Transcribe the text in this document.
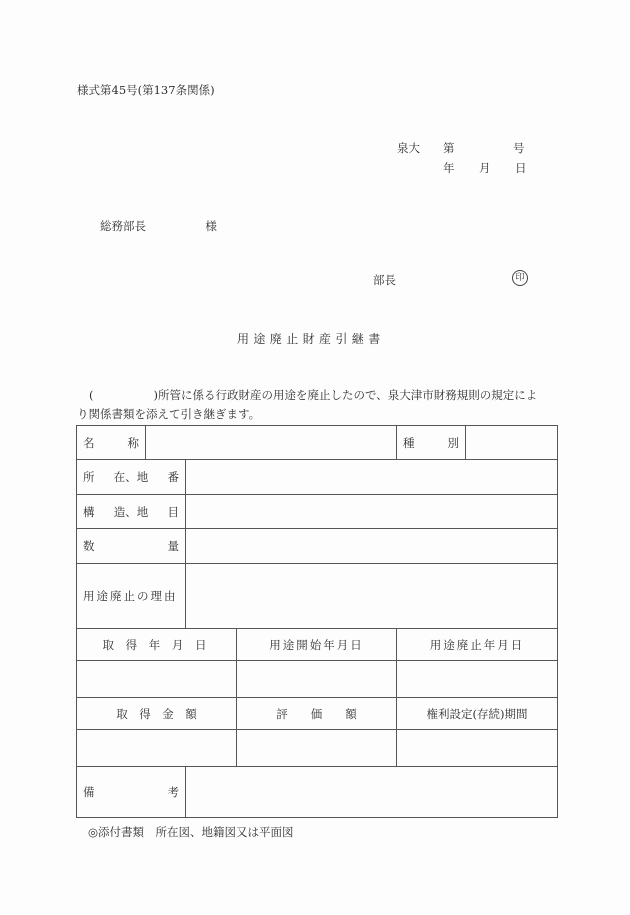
様式第45号(第137条関係)
泉大 第	号
年 月 日
総務部長	様
部長	印
用途廃止財産引継書
(	)所管に係る行政財産の用途を廃止したので、泉大津市財務規則の規定によ
り関係書類を添えて引き継ぎます。
名 称				種 別	

所 在、地 番					

構 造、地 目					

数 量					

用途廃止の理由					
取 得 年 月 日			用途開始年月日	用途廃止年月日	

取　得　金　額			評　　価　　額	権利設定(存続)期間	

備 考					

◎添付書類　所在図、地籍図又は平面図
